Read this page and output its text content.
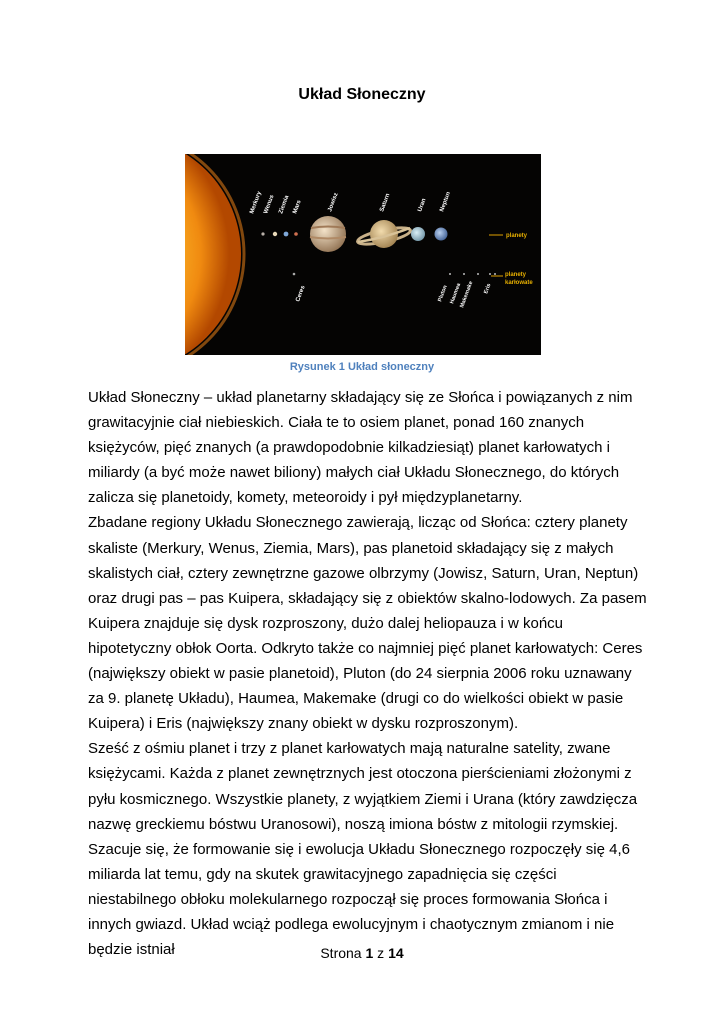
Układ Słoneczny
planety
planety
karłowate
Merkury Wenus Ziemia Mars	Jowisz	Saturn	Uran Neptun
Ceres	Pluton Haumea
Makemake Eris
Rysunek 1 Układ słoneczny

Układ Słoneczny – układ planetarny składający się ze Słońca i powiązanych z nim grawitacyjnie ciał niebieskich. Ciała te to osiem planet, ponad 160 znanych księżyców, pięć znanych (a prawdopodobnie kilkadziesiąt) planet karłowatych i miliardy (a być może nawet biliony) małych ciał Układu Słonecznego, do których zalicza się planetoidy, komety, meteoroidy i pył międzyplanetarny.

Zbadane regiony Układu Słonecznego zawierają, licząc od Słońca: cztery planety skaliste (Merkury, Wenus, Ziemia, Mars), pas planetoid składający się z małych skalistych ciał, cztery zewnętrzne gazowe olbrzymy (Jowisz, Saturn, Uran, Neptun) oraz drugi pas – pas Kuipera, składający się z obiektów skalno-lodowych. Za pasem Kuipera znajduje się dysk rozproszony, dużo dalej heliopauza i w końcu hipotetyczny obłok Oorta. Odkryto także co najmniej pięć planet karłowatych: Ceres (największy obiekt w pasie planetoid), Pluton (do 24 sierpnia 2006 roku uznawany za 9. planetę Układu), Haumea, Makemake (drugi co do wielkości obiekt w pasie Kuipera) i Eris (największy znany obiekt w dysku rozproszonym).

Sześć z ośmiu planet i trzy z planet karłowatych mają naturalne satelity, zwane księżycami. Każda z planet zewnętrznych jest otoczona pierścieniami złożonymi z pyłu kosmicznego. Wszystkie planety, z wyjątkiem Ziemi i Urana (który zawdzięcza nazwę greckiemu bóstwu Uranosowi), noszą imiona bóstw z mitologii rzymskiej.

Szacuje się, że formowanie się i ewolucja Układu Słonecznego rozpoczęły się 4,6 miliarda lat temu, gdy na skutek grawitacyjnego zapadnięcia się części niestabilnego obłoku molekularnego rozpoczął się proces formowania Słońca i innych gwiazd. Układ wciąż podlega ewolucyjnym i chaotycznym zmianom i nie będzie istniał	Strona 1 z 14
